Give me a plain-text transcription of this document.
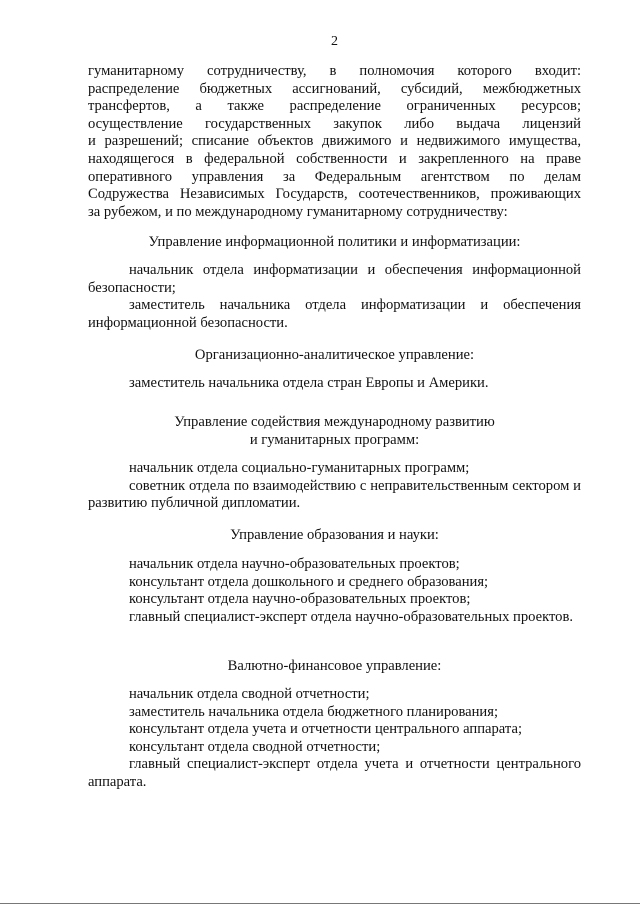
2

гуманитарному сотрудничеству, в полномочия которого входит:

распределение бюджетных ассигнований, субсидий, межбюджетных

трансфертов, а также распределение ограниченных ресурсов;

осуществление государственных закупок либо выдача лицензий

и разрешений; списание объектов движимого и недвижимого имущества,

находящегося в федеральной собственности и закрепленного на праве

оперативного управления за Федеральным агентством по делам

Содружества Независимых Государств, соотечественников, проживающих

за рубежом, и по международному гуманитарному сотрудничеству:

Управление информационной политики и информатизации:

начальник отдела информатизации и обеспечения информационной безопасности;

заместитель начальника отдела информатизации и обеспечения информационной безопасности.

Организационно-аналитическое управление:

заместитель начальника отдела стран Европы и Америки.

Управление содействия международному развитию
и гуманитарных программ:

начальник отдела социально-гуманитарных программ;

советник отдела по взаимодействию с неправительственным сектором и развитию публичной дипломатии.

Управление образования и науки:

начальник отдела научно-образовательных проектов;

консультант отдела дошкольного и среднего образования;

консультант отдела научно-образовательных проектов;

главный специалист-эксперт отдела научно-образовательных проектов.

Валютно-финансовое управление:

начальник отдела сводной отчетности;

заместитель начальника отдела бюджетного планирования;

консультант отдела учета и отчетности центрального аппарата;

консультант отдела сводной отчетности;

главный специалист-эксперт отдела учета и отчетности центрального аппарата.
